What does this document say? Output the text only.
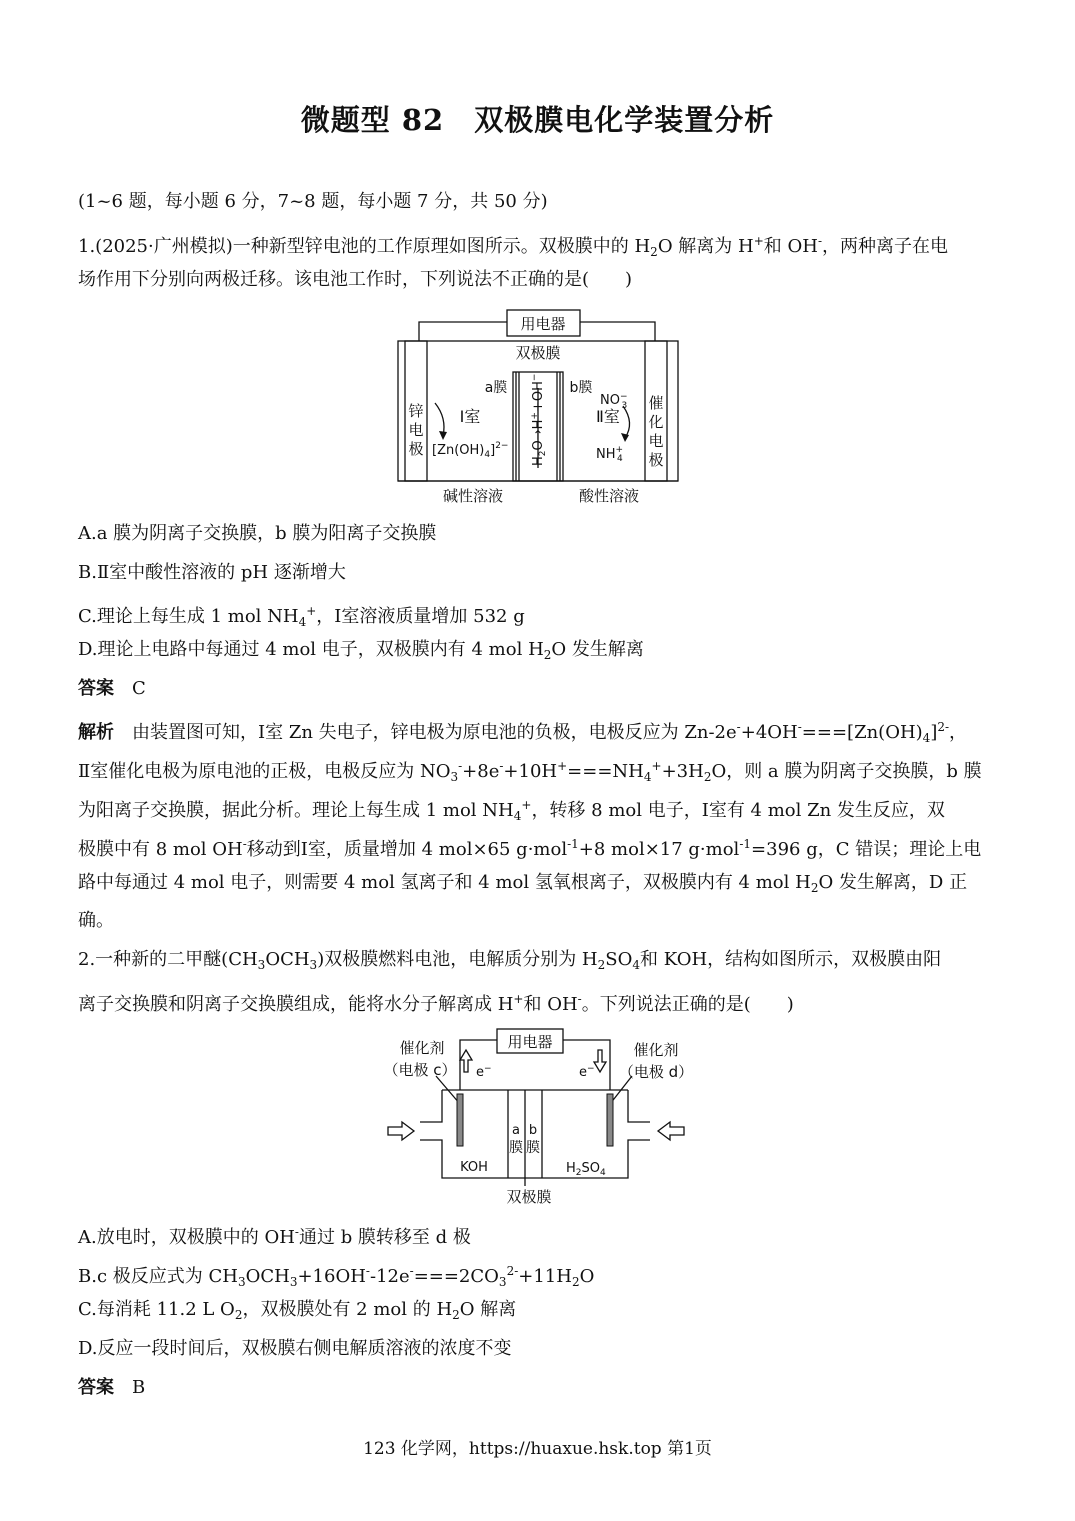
微题型 82　双极膜电化学装置分析
(1~6 题，每小题 6 分，7~8 题，每小题 7 分，共 50 分)
1.(2025·广州模拟)一种新型锌电池的工作原理如图所示。双极膜中的 $H_2O$ 解离为 H+和 OH-，两种离子在电
场作用下分别向两极迁移。该电池工作时，下列说法不正确的是(　　)
用电器
双极膜
a膜	b膜
锌
电
极
催
化
电
极
Ⅰ室	Ⅱ室
$[Zn(OH)_4]^{2-}$
NO− 3
NH+ 4
$H_2O\to H^++OH^-$
碱性溶液	酸性溶液
A.a 膜为阴离子交换膜，b 膜为阳离子交换膜
B.Ⅱ室中酸性溶液的 pH 逐渐增大
C.理论上每生成 1 mol $NH_4^+$，Ⅰ室溶液质量增加 532 g
D.理论上电路中每通过 4 mol 电子，双极膜内有 4 mol $H_2O$ 发生解离
答案　 C
解析　由装置图可知，Ⅰ室 Zn 失电子，锌电极为原电池的负极，电极反应为 $Zn-2e^-+4OH^-===[Zn(OH)_4]^{2-}$，
Ⅱ室催化电极为原电池的正极，电极反应为 $NO_3^-+8e^-+10H^+===NH_4^++3H_2O$，则 a 膜为阴离子交换膜，b 膜
为阳离子交换膜，据此分析。理论上每生成 1 mol $NH_4^+$，转移 8 mol 电子，Ⅰ室有 4 mol Zn 发生反应，双
极膜中有 8 mol OH-移动到Ⅰ室，质量增加 4 mol×65 g·mol$^{-1}$+8 mol×17 g·mol$^{-1}$=396 g，C 错误；理论上电
路中每通过 4 mol 电子，则需要 4 mol 氢离子和 4 mol 氢氧根离子，双极膜内有 4 mol $H_2O$ 发生解离，D 正
确。
2.一种新的二甲醚$(CH_3OCH_3)$双极膜燃料电池，电解质分别为 $H_2SO_4$和 KOH，结构如图所示，双极膜由阳
离子交换膜和阴离子交换膜组成，能将水分子解离成 H+和 OH-。下列说法正确的是(　　)
用电器
催化剂
（电极 c）
催化剂
（电极 d）
e−	e−
a
膜
b
膜
KOH	$H_2SO_4$
双极膜
A.放电时，双极膜中的 OH-通过 b 膜转移至 d 极
B.c 极反应式为 $CH_3OCH_3+16OH^--12e^-===2CO_3^{2-}+11H_2O$
C.每消耗 11.2 L $O_2$，双极膜处有 2 mol 的 $H_2O$ 解离
D.反应一段时间后，双极膜右侧电解质溶液的浓度不变
答案　 B
123 化学网，https://huaxue.hsk.top 第1页
